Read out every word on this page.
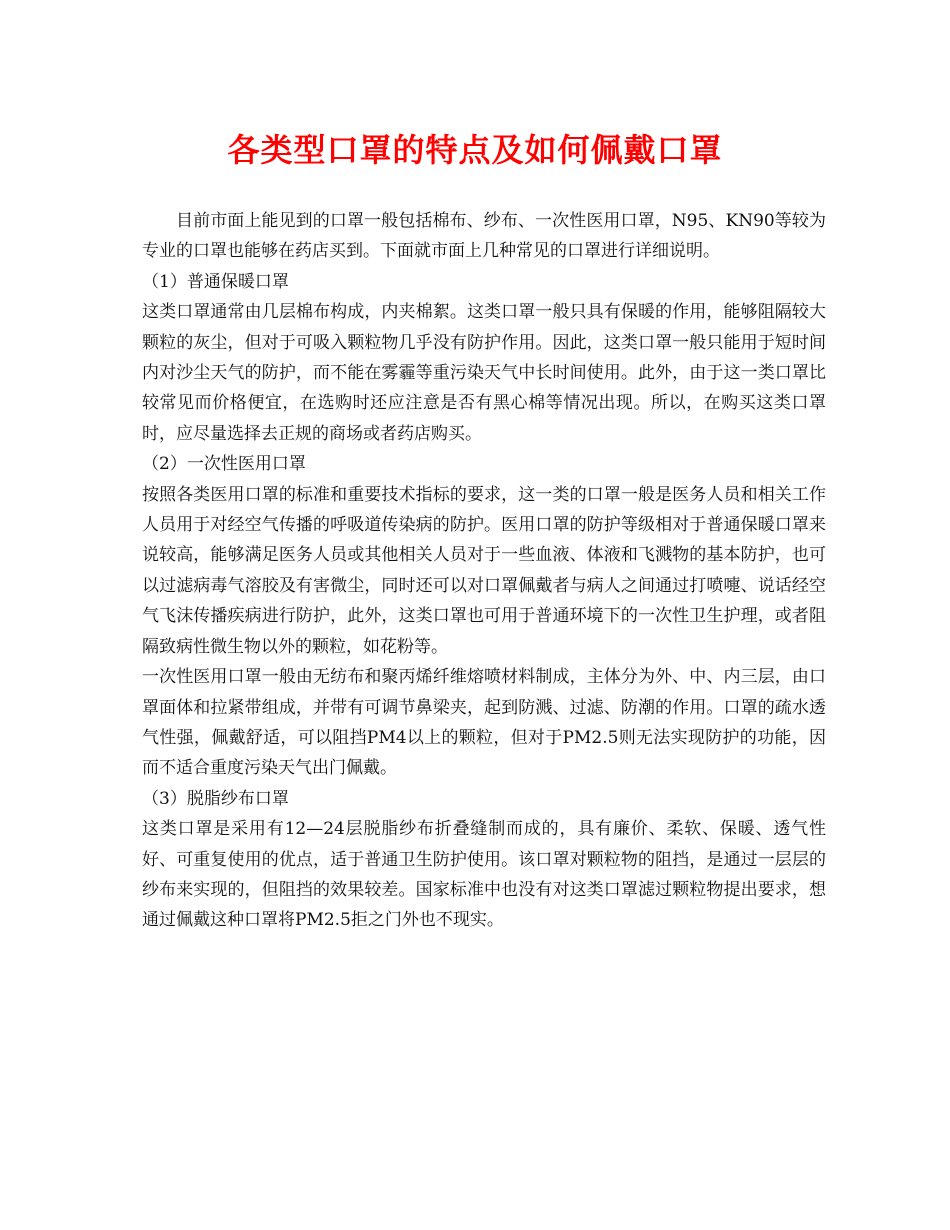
各类型口罩的特点及如何佩戴口罩

目前市面上能见到的口罩一般包括棉布、纱布、一次性医用口罩，N95、KN90等较为专业的口罩也能够在药店买到。下面就市面上几种常见的口罩进行详细说明。

（1）普通保暖口罩

这类口罩通常由几层棉布构成，内夹棉絮。这类口罩一般只具有保暖的作用，能够阻隔较大颗粒的灰尘，但对于可吸入颗粒物几乎没有防护作用。因此，这类口罩一般只能用于短时间内对沙尘天气的防护，而不能在雾霾等重污染天气中长时间使用。此外，由于这一类口罩比较常见而价格便宜，在选购时还应注意是否有黑心棉等情况出现。所以，在购买这类口罩时，应尽量选择去正规的商场或者药店购买。

（2）一次性医用口罩

按照各类医用口罩的标准和重要技术指标的要求，这一类的口罩一般是医务人员和相关工作人员用于对经空气传播的呼吸道传染病的防护。医用口罩的防护等级相对于普通保暖口罩来说较高，能够满足医务人员或其他相关人员对于一些血液、体液和飞溅物的基本防护，也可以过滤病毒气溶胶及有害微尘，同时还可以对口罩佩戴者与病人之间通过打喷嚏、说话经空气飞沫传播疾病进行防护，此外，这类口罩也可用于普通环境下的一次性卫生护理，或者阻隔致病性微生物以外的颗粒，如花粉等。

一次性医用口罩一般由无纺布和聚丙烯纤维熔喷材料制成，主体分为外、中、内三层，由口罩面体和拉紧带组成，并带有可调节鼻梁夹，起到防溅、过滤、防潮的作用。口罩的疏水透气性强，佩戴舒适，可以阻挡PM4以上的颗粒，但对于PM2.5则无法实现防护的功能，因而不适合重度污染天气出门佩戴。

（3）脱脂纱布口罩

这类口罩是采用有12—24层脱脂纱布折叠缝制而成的，具有廉价、柔软、保暖、透气性好、可重复使用的优点，适于普通卫生防护使用。该口罩对颗粒物的阻挡，是通过一层层的纱布来实现的，但阻挡的效果较差。国家标准中也没有对这类口罩滤过颗粒物提出要求，想通过佩戴这种口罩将PM2.5拒之门外也不现实。
